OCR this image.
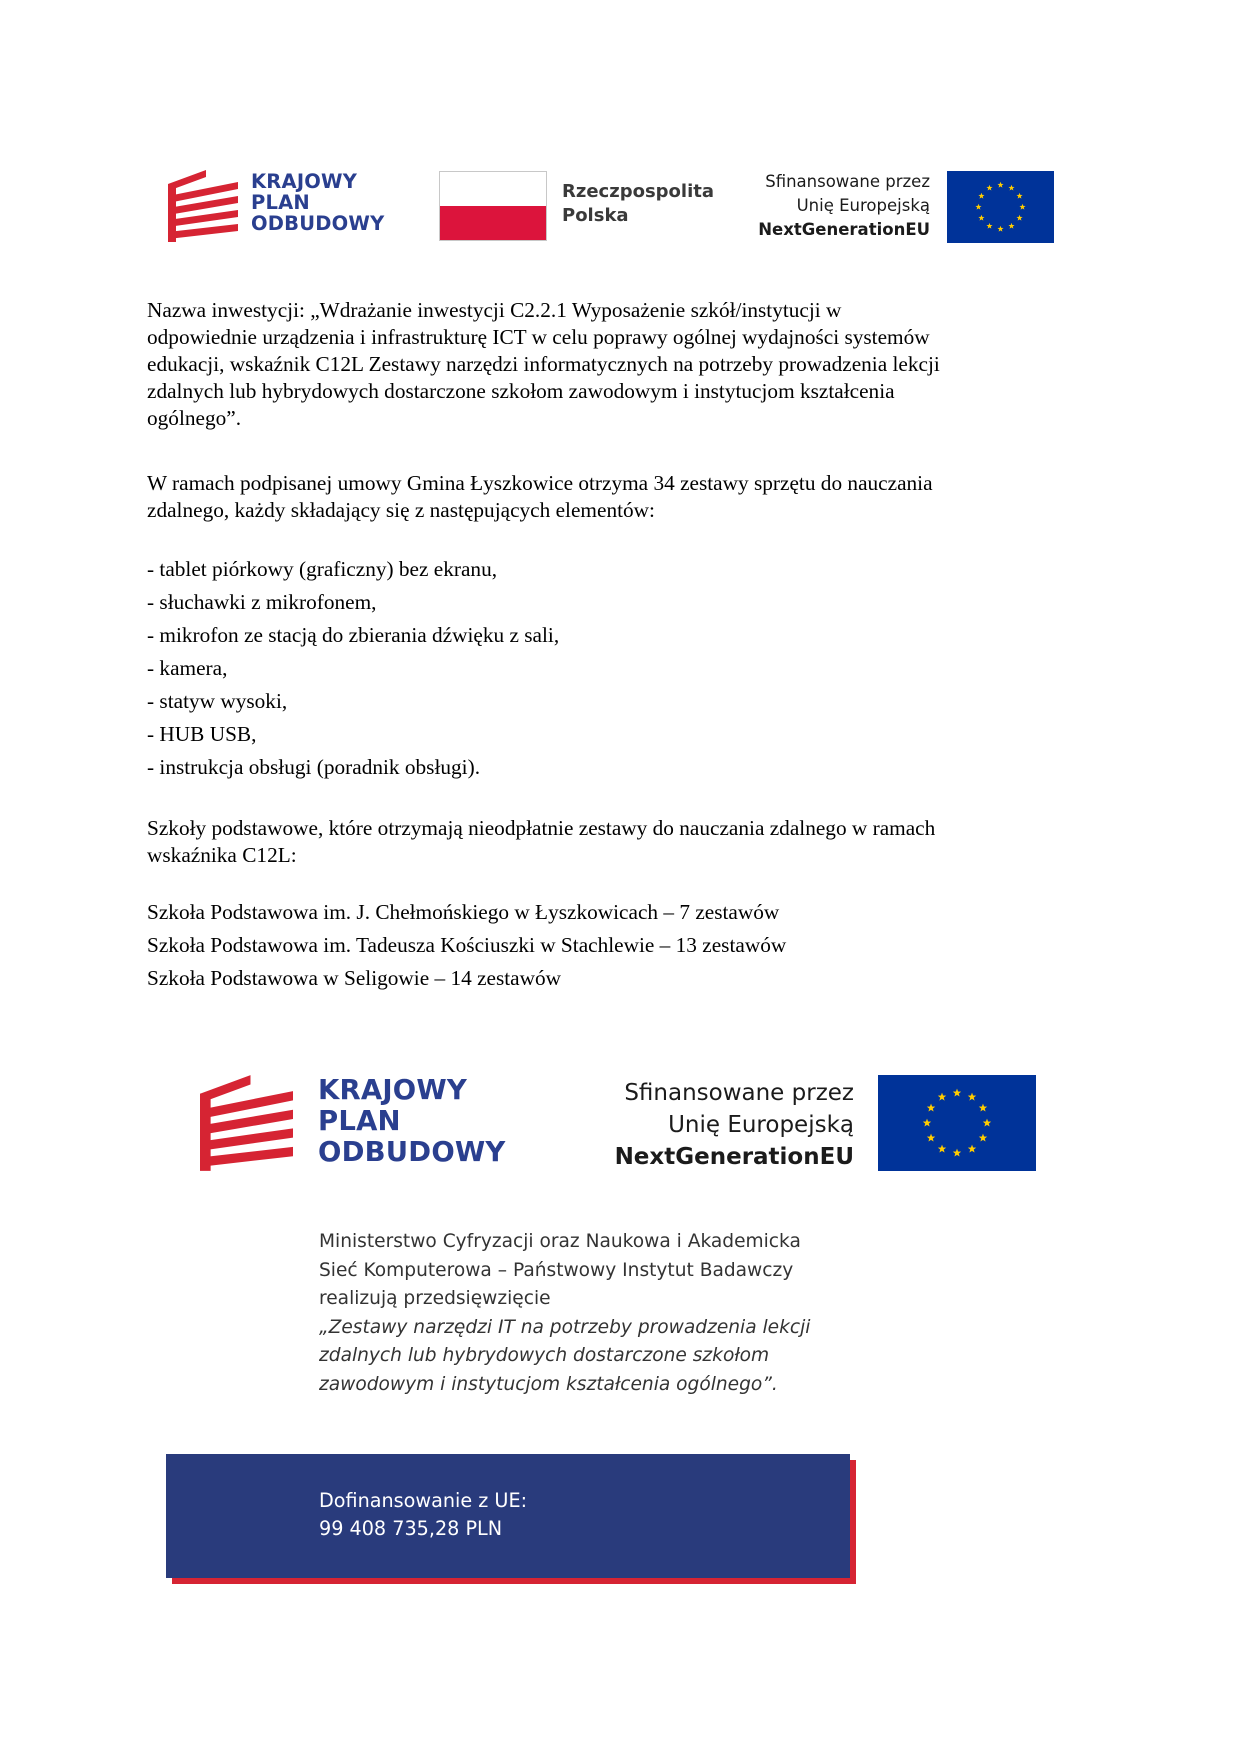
KRAJOWY
PLAN
ODBUDOWY
Rzeczpospolita
Polska
Sfinansowane przez
Unię Europejską
NextGenerationEU
Nazwa inwestycji: „Wdrażanie inwestycji C2.2.1 Wyposażenie szkół/instytucji w
odpowiednie urządzenia i infrastrukturę ICT w celu poprawy ogólnej wydajności systemów
edukacji, wskaźnik C12L Zestawy narzędzi informatycznych na potrzeby prowadzenia lekcji
zdalnych lub hybrydowych dostarczone szkołom zawodowym i instytucjom kształcenia
ogólnego”.
W ramach podpisanej umowy Gmina Łyszkowice otrzyma 34 zestawy sprzętu do nauczania
zdalnego, każdy składający się z następujących elementów:
- tablet piórkowy (graficzny) bez ekranu,
- słuchawki z mikrofonem,
- mikrofon ze stacją do zbierania dźwięku z sali,
- kamera,
- statyw wysoki,
- HUB USB,
- instrukcja obsługi (poradnik obsługi).
Szkoły podstawowe, które otrzymają nieodpłatnie zestawy do nauczania zdalnego w ramach
wskaźnika C12L:
Szkoła Podstawowa im. J. Chełmońskiego w Łyszkowicach – 7 zestawów
Szkoła Podstawowa im. Tadeusza Kościuszki w Stachlewie – 13 zestawów
Szkoła Podstawowa w Seligowie – 14 zestawów
KRAJOWY
PLAN
ODBUDOWY
Sfinansowane przez
Unię Europejską
NextGenerationEU
Ministerstwo Cyfryzacji oraz Naukowa i Akademicka
Sieć Komputerowa – Państwowy Instytut Badawczy
realizują przedsięwzięcie
„Zestawy narzędzi IT na potrzeby prowadzenia lekcji
zdalnych lub hybrydowych dostarczone szkołom
zawodowym i instytucjom kształcenia ogólnego”.
Dofinansowanie z UE:
99 408 735,28 PLN
